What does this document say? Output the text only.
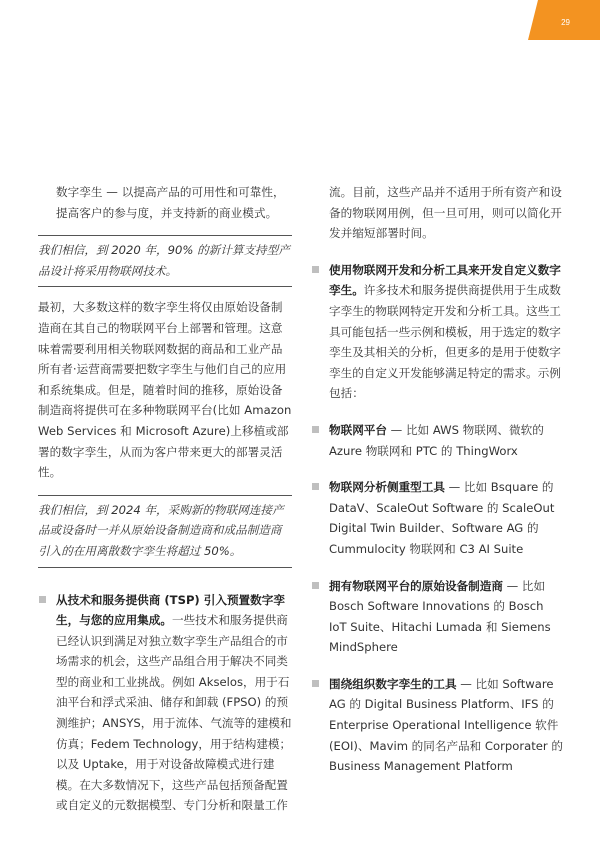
29

数字孪生 — 以提高产品的可用性和可靠性，提高客户的参与度，并支持新的商业模式。

我们相信，到 2020 年，90% 的新计算支持型产品设计将采用物联网技术。

最初，大多数这样的数字孪生将仅由原始设备制造商在其自己的物联网平台上部署和管理。这意味着需要利用相关物联网数据的商品和工业产品所有者·运营商需要把数字孪生与他们自己的应用和系统集成。但是，随着时间的推移，原始设备制造商将提供可在多种物联网平台(比如 Amazon Web Services 和 Microsoft Azure)上移植或部署的数字孪生，从而为客户带来更大的部署灵活性。

我们相信，到 2024 年，采购新的物联网连接产品或设备时一并从原始设备制造商和成品制造商引入的在用离散数字孪生将超过 50%。
从技术和服务提供商 (TSP) 引入预置数字孪生，与您的应用集成。一些技术和服务提供商已经认识到满足对独立数字孪生产品组合的市场需求的机会，这些产品组合用于解决不同类型的商业和工业挑战。例如 Akselos，用于石油平台和浮式采油、储存和卸载 (FPSO) 的预测维护；ANSYS，用于流体、气流等的建模和仿真；Fedem Technology，用于结构建模；以及 Uptake，用于对设备故障模式进行建模。在大多数情况下，这些产品包括预备配置或自定义的元数据模型、专门分析和限量工作

流。目前，这些产品并不适用于所有资产和设备的物联网用例，但一旦可用，则可以简化开发并缩短部署时间。

使用物联网开发和分析工具来开发自定义数字孪生。许多技术和服务提供商提供用于生成数字孪生的物联网特定开发和分析工具。这些工具可能包括一些示例和模板，用于选定的数字孪生及其相关的分析，但更多的是用于使数字孪生的自定义开发能够满足特定的需求。示例包括：
物联网平台 — 比如 AWS 物联网、微软的 Azure 物联网和 PTC 的 ThingWorx
物联网分析侧重型工具 — 比如 Bsquare 的 DataV、ScaleOut Software 的 ScaleOut Digital Twin Builder、Software AG 的 Cummulocity 物联网和 C3 AI Suite
拥有物联网平台的原始设备制造商 — 比如 Bosch Software Innovations 的 Bosch IoT Suite、Hitachi Lumada 和 Siemens MindSphere
围绕组织数字孪生的工具 — 比如 Software AG 的 Digital Business Platform、IFS 的 Enterprise Operational Intelligence 软件 (EOI)、Mavim 的同名产品和 Corporater 的 Business Management Platform
